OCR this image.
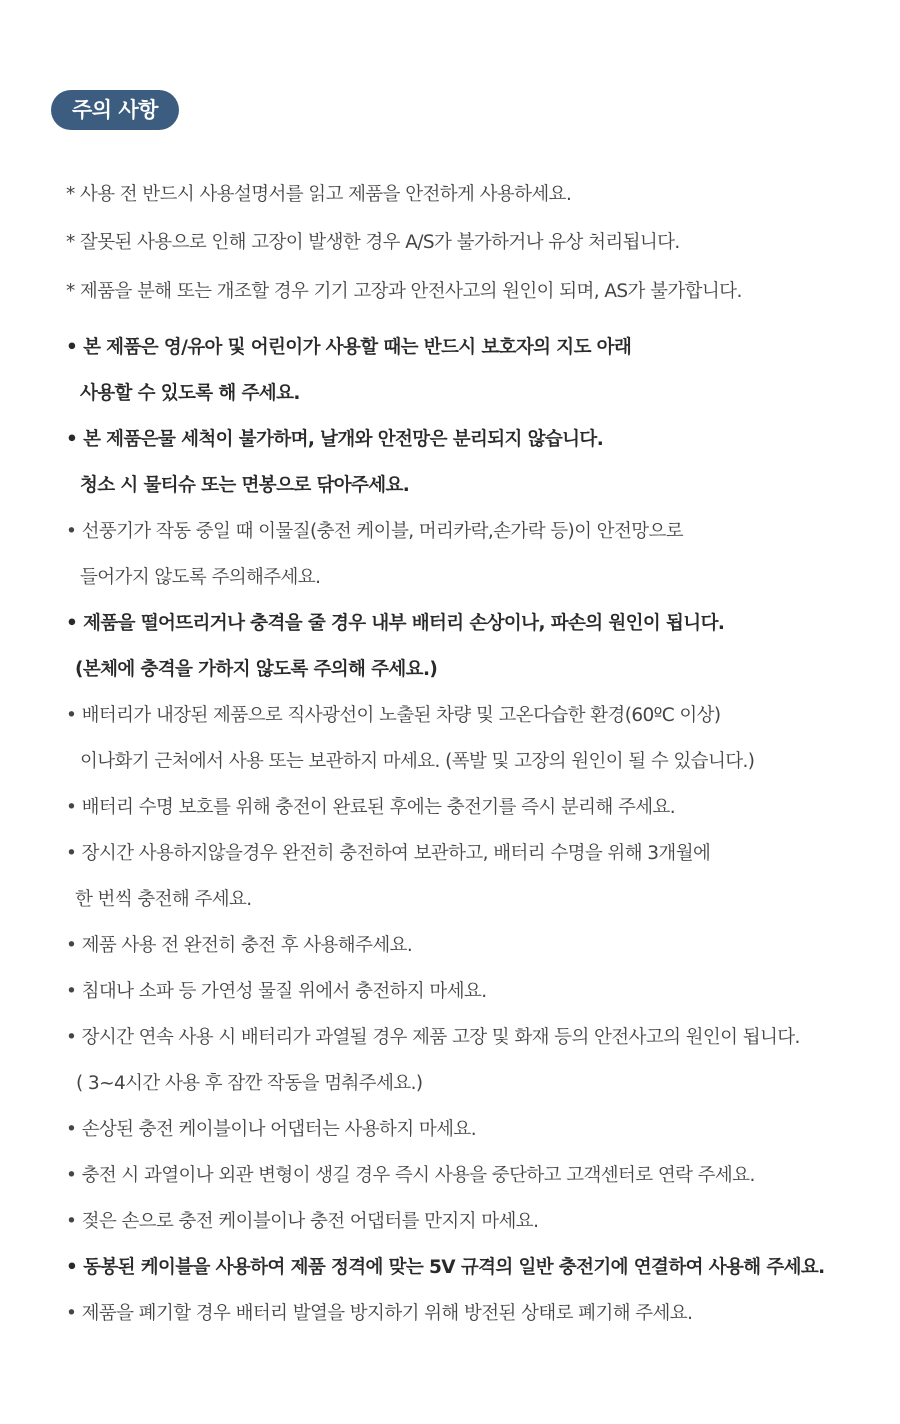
주의 사항
* 사용 전 반드시 사용설명서를 읽고 제품을 안전하게 사용하세요.
* 잘못된 사용으로 인해 고장이 발생한 경우 A/S가 불가하거나 유상 처리됩니다.
* 제품을 분해 또는 개조할 경우 기기 고장과 안전사고의 원인이 되며, AS가 불가합니다.
• 본 제품은 영/유아 및 어린이가 사용할 때는 반드시 보호자의 지도 아래
사용할 수 있도록 해 주세요.
• 본 제품은물 세척이 불가하며, 날개와 안전망은 분리되지 않습니다.
청소 시 물티슈 또는 면봉으로 닦아주세요.
• 선풍기가 작동 중일 때 이물질(충전 케이블, 머리카락,손가락 등)이 안전망으로
들어가지 않도록 주의해주세요.
• 제품을 떨어뜨리거나 충격을 줄 경우 내부 배터리 손상이나, 파손의 원인이 됩니다.
(본체에 충격을 가하지 않도록 주의해 주세요.)
• 배터리가 내장된 제품으로 직사광선이 노출된 차량 및 고온다습한 환경(60ºC 이상)
이나화기 근처에서 사용 또는 보관하지 마세요. (폭발 및 고장의 원인이 될 수 있습니다.)
• 배터리 수명 보호를 위해 충전이 완료된 후에는 충전기를 즉시 분리해 주세요.
• 장시간 사용하지않을경우 완전히 충전하여 보관하고, 배터리 수명을 위해 3개월에
한 번씩 충전해 주세요.
• 제품 사용 전 완전히 충전 후 사용해주세요.
• 침대나 소파 등 가연성 물질 위에서 충전하지 마세요.
• 장시간 연속 사용 시 배터리가 과열될 경우 제품 고장 및 화재 등의 안전사고의 원인이 됩니다.
( 3~4시간 사용 후 잠깐 작동을 멈춰주세요.)
• 손상된 충전 케이블이나 어댑터는 사용하지 마세요.
• 충전 시 과열이나 외관 변형이 생길 경우 즉시 사용을 중단하고 고객센터로 연락 주세요.
• 젖은 손으로 충전 케이블이나 충전 어댑터를 만지지 마세요.
• 동봉된 케이블을 사용하여 제품 정격에 맞는 5V 규격의 일반 충전기에 연결하여 사용해 주세요.
• 제품을 폐기할 경우 배터리 발열을 방지하기 위해 방전된 상태로 폐기해 주세요.
